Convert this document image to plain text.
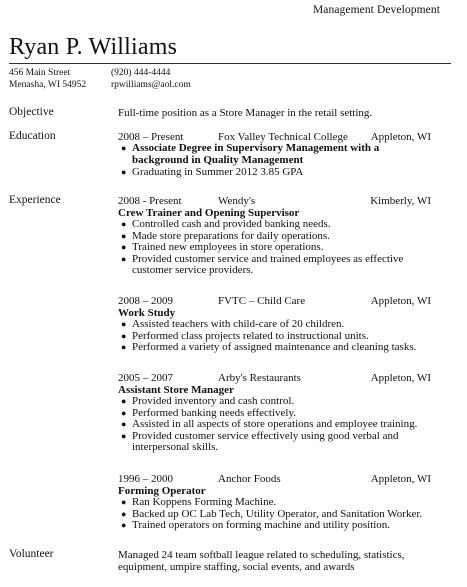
Management Development
Ryan P. Williams
456 Main Street
Menasha, WI 54952
(920) 444-4444
rpwilliams@aol.com
Objective	Full-time position as a Store Manager in the retail setting.
Education	2008 – Present	Fox Valley Technical College Appleton, WI
● Associate Degree in Supervisory Management with a background in Quality Management
● Graduating in Summer 2012 3.85 GPA
Experience	2008 - Present	Wendy's	Kimberly, WI
Crew Trainer and Opening Supervisor
● Controlled cash and provided banking needs.
● Made store preparations for daily operations.
● Trained new employees in store operations.
● Provided customer service and trained employees as effective customer service providers.
2008 – 2009	FVTC – Child Care	Appleton, WI
Work Study
● Assisted teachers with child-care of 20 children.
● Performed class projects related to instructional units.
● Performed a variety of assigned maintenance and cleaning tasks.
2005 – 2007	Arby's Restaurants	Appleton, WI
Assistant Store Manager
● Provided inventory and cash control.
● Performed banking needs effectively.
● Assisted in all aspects of store operations and employee training.
● Provided customer service effectively using good verbal and interpersonal skills.
1996 – 2000	Anchor Foods	Appleton, WI
Forming Operator
● Ran Koppens Forming Machine.
● Backed up OC Lab Tech, Utility Operator, and Sanitation Worker.
● Trained operators on forming machine and utility position.
Volunteer	Managed 24 team softball league related to scheduling, statistics, equipment, umpire staffing, social events, and awards
